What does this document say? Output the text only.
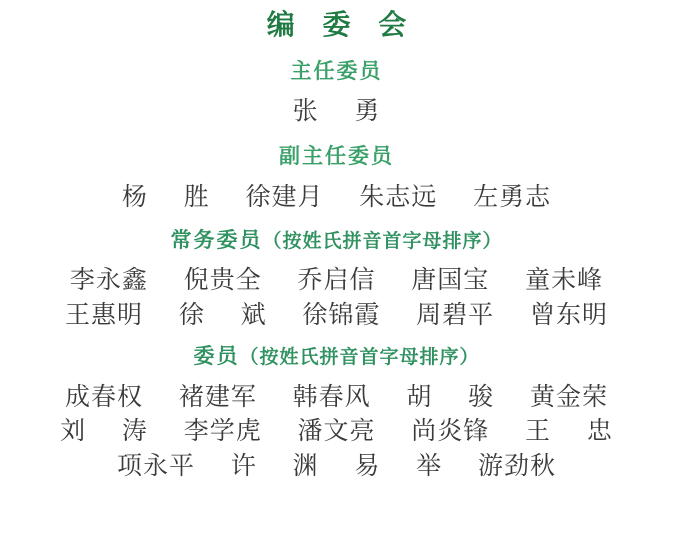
编 委 会
主任委员
张    勇
副主任委员
杨    胜    徐建月    朱志远    左勇志
常务委员（按姓氏拼音首字母排序）
李永鑫    倪贵全    乔启信    唐国宝    童未峰
王惠明    徐    斌    徐锦霞    周碧平    曾东明
委员（按姓氏拼音首字母排序）
成春权    褚建军    韩春风    胡    骏    黄金荣
刘    涛    李学虎    潘文亮    尚炎锋    王    忠
项永平    许    渊    易    举    游劲秋
